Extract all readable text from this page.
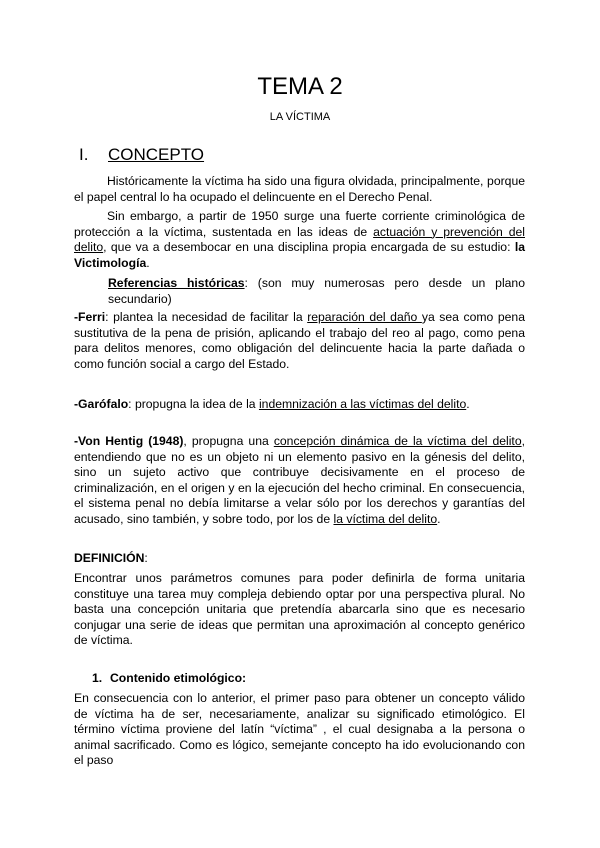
TEMA 2
LA VÍCTIMA
I. CONCEPTO
Históricamente la víctima ha sido una figura olvidada, principalmente, porque el papel central lo ha ocupado el delincuente en el Derecho Penal.
Sin embargo, a partir de 1950 surge una fuerte corriente criminológica de protección a la víctima, sustentada en las ideas de actuación y prevención del delito, que va a desembocar en una disciplina propia encargada de su estudio: la Victimología.
Referencias históricas: (son muy numerosas pero desde un plano secundario)
-Ferri: plantea la necesidad de facilitar la reparación del daño ya sea como pena sustitutiva de la pena de prisión, aplicando el trabajo del reo al pago, como pena para delitos menores, como obligación del delincuente hacia la parte dañada o como función social a cargo del Estado.
-Garófalo: propugna la idea de la indemnización a las víctimas del delito.
-Von Hentig (1948), propugna una concepción dinámica de la víctima del delito, entendiendo que no es un objeto ni un elemento pasivo en la génesis del delito, sino un sujeto activo que contribuye decisivamente en el proceso de criminalización, en el origen y en la ejecución del hecho criminal. En consecuencia, el sistema penal no debía limitarse a velar sólo por los derechos y garantías del acusado, sino también, y sobre todo, por los de la víctima del delito.
DEFINICIÓN:
Encontrar unos parámetros comunes para poder definirla de forma unitaria constituye una tarea muy compleja debiendo optar por una perspectiva plural. No basta una concepción unitaria que pretendía abarcarla sino que es necesario conjugar una serie de ideas que permitan una aproximación al concepto genérico de víctima.
1. Contenido etimológico:
En consecuencia con lo anterior, el primer paso para obtener un concepto válido de víctima ha de ser, necesariamente, analizar su significado etimológico. El término víctima proviene del latín “víctima” , el cual designaba a la persona o animal sacrificado. Como es lógico, semejante concepto ha ido evolucionando con el paso
